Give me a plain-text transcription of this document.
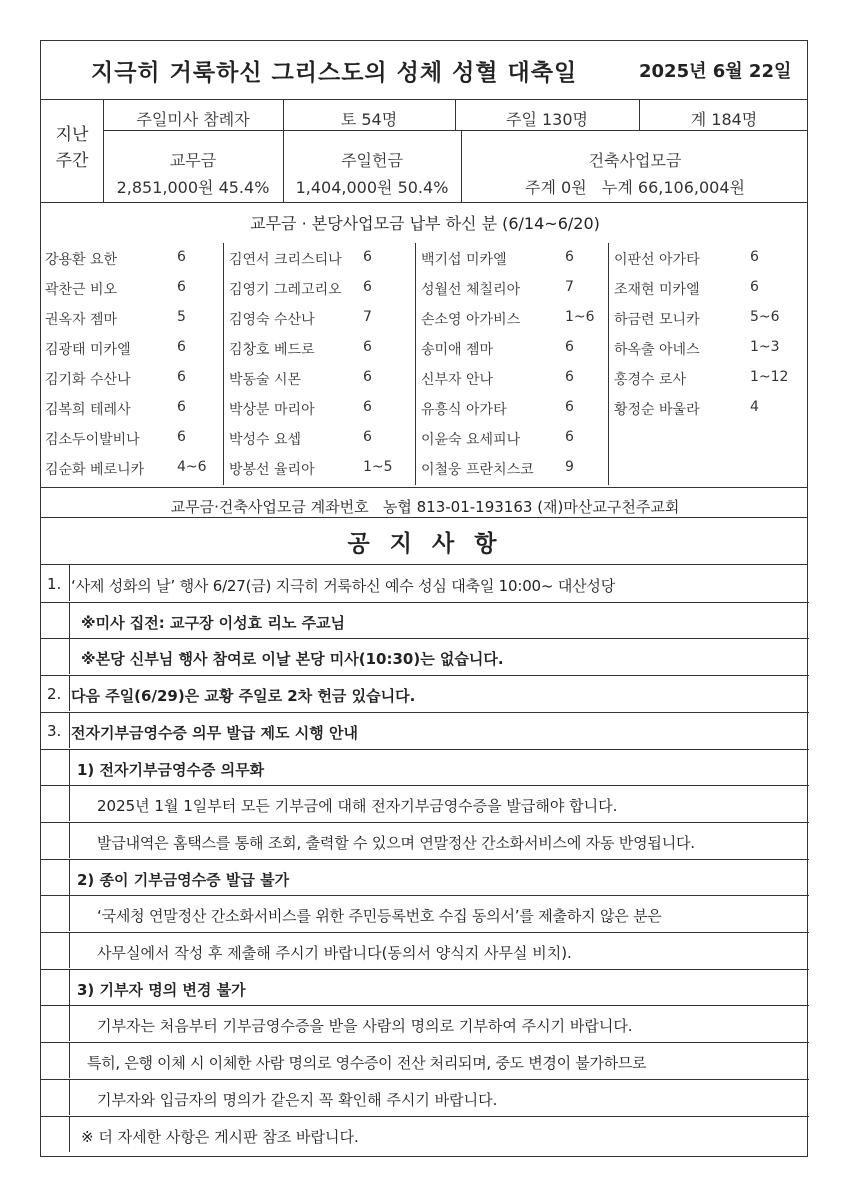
지극히 거룩하신 그리스도의 성체 성혈 대축일	2025년 6월 22일
지난
주간
주일미사 참례자	토 54명	주일 130명	계 184명
교무금
2,851,000원 45.4%
주일헌금
1,404,000원 50.4%
건축사업모금
주계 0원   누계 66,106,004원
교무금 · 본당사업모금 납부 하신 분 (6/14~6/20)
강용환 요한	6
곽찬근 비오	6
권옥자 젬마	5
김광태 미카엘	6
김기화 수산나	6
김복희 테레사	6
김소두이발비나	6
김순화 베로니카 4~6
김연서 크리스티나 6
김영기 그레고리오 6
김영숙 수산나	7
김창호 베드로	6
박동술 시몬	6
박상분 마리아	6
박성수 요셉	6
방봉선 율리아	1~5
백기섭 미카엘	6
성월선 체칠리아	7
손소영 아가비스	1~6
송미애 젬마	6
신부자 안나	6
유흥식 아가타	6
이윤숙 요세피나	6
이철웅 프란치스코 9
이판선 아가타	6
조재현 미카엘	6
하금련 모니카	5~6
하옥출 아네스	1~3
홍경수 로사	1~12
황정순 바울라	4
교무금·건축사업모금 계좌번호   농협 813-01-193163 (재)마산교구천주교회
공 지 사 항
1. ‘사제 성화의 날’ 행사 6/27(금) 지극히 거룩하신 예수 성심 대축일 10:00~ 대산성당
※미사 집전: 교구장 이성효 리노 주교님
※본당 신부님 행사 참여로 이날 본당 미사(10:30)는 없습니다.
2. 다음 주일(6/29)은 교황 주일로 2차 헌금 있습니다.
3. 전자기부금영수증 의무 발급 제도 시행 안내
1) 전자기부금영수증 의무화
2025년 1월 1일부터 모든 기부금에 대해 전자기부금영수증을 발급해야 합니다.
발급내역은 홈택스를 통해 조회, 출력할 수 있으며 연말정산 간소화서비스에 자동 반영됩니다.
2) 종이 기부금영수증 발급 불가
‘국세청 연말정산 간소화서비스를 위한 주민등록번호 수집 동의서’를 제출하지 않은 분은
사무실에서 작성 후 제출해 주시기 바랍니다(동의서 양식지 사무실 비치).
3) 기부자 명의 변경 불가
기부자는 처음부터 기부금영수증을 받을 사람의 명의로 기부하여 주시기 바랍니다.
특히, 은행 이체 시 이체한 사람 명의로 영수증이 전산 처리되며, 중도 변경이 불가하므로
기부자와 입금자의 명의가 같은지 꼭 확인해 주시기 바랍니다.
※ 더 자세한 사항은 게시판 참조 바랍니다.
